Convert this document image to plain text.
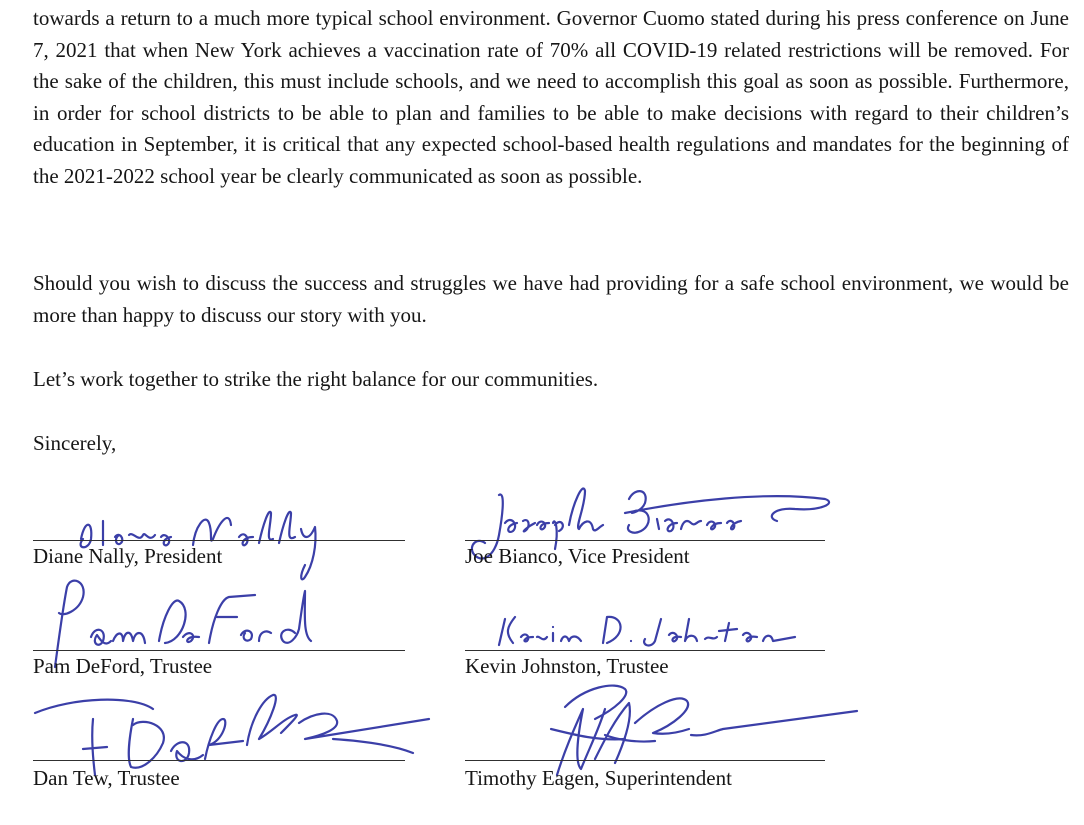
towards a return to a much more typical school environment. Governor Cuomo stated during his press conference on June 7, 2021 that when New York achieves a vaccination rate of 70% all COVID-19 related restrictions will be removed. For the sake of the children, this must include schools, and we need to accomplish this goal as soon as possible. Furthermore, in order for school districts to be able to plan and families to be able to make decisions with regard to their children’s education in September, it is critical that any expected school-based health regulations and mandates for the beginning of the 2021-2022 school year be clearly communicated as soon as possible.

Should you wish to discuss the success and struggles we have had providing for a safe school environment, we would be more than happy to discuss our story with you.

Let’s work together to strike the right balance for our communities.

Sincerely,

Diane Nally, President	Joe Bianco, Vice President
Pam DeFord, Trustee	Kevin Johnston, Trustee
Dan Tew, Trustee	Timothy Eagen, Superintendent
